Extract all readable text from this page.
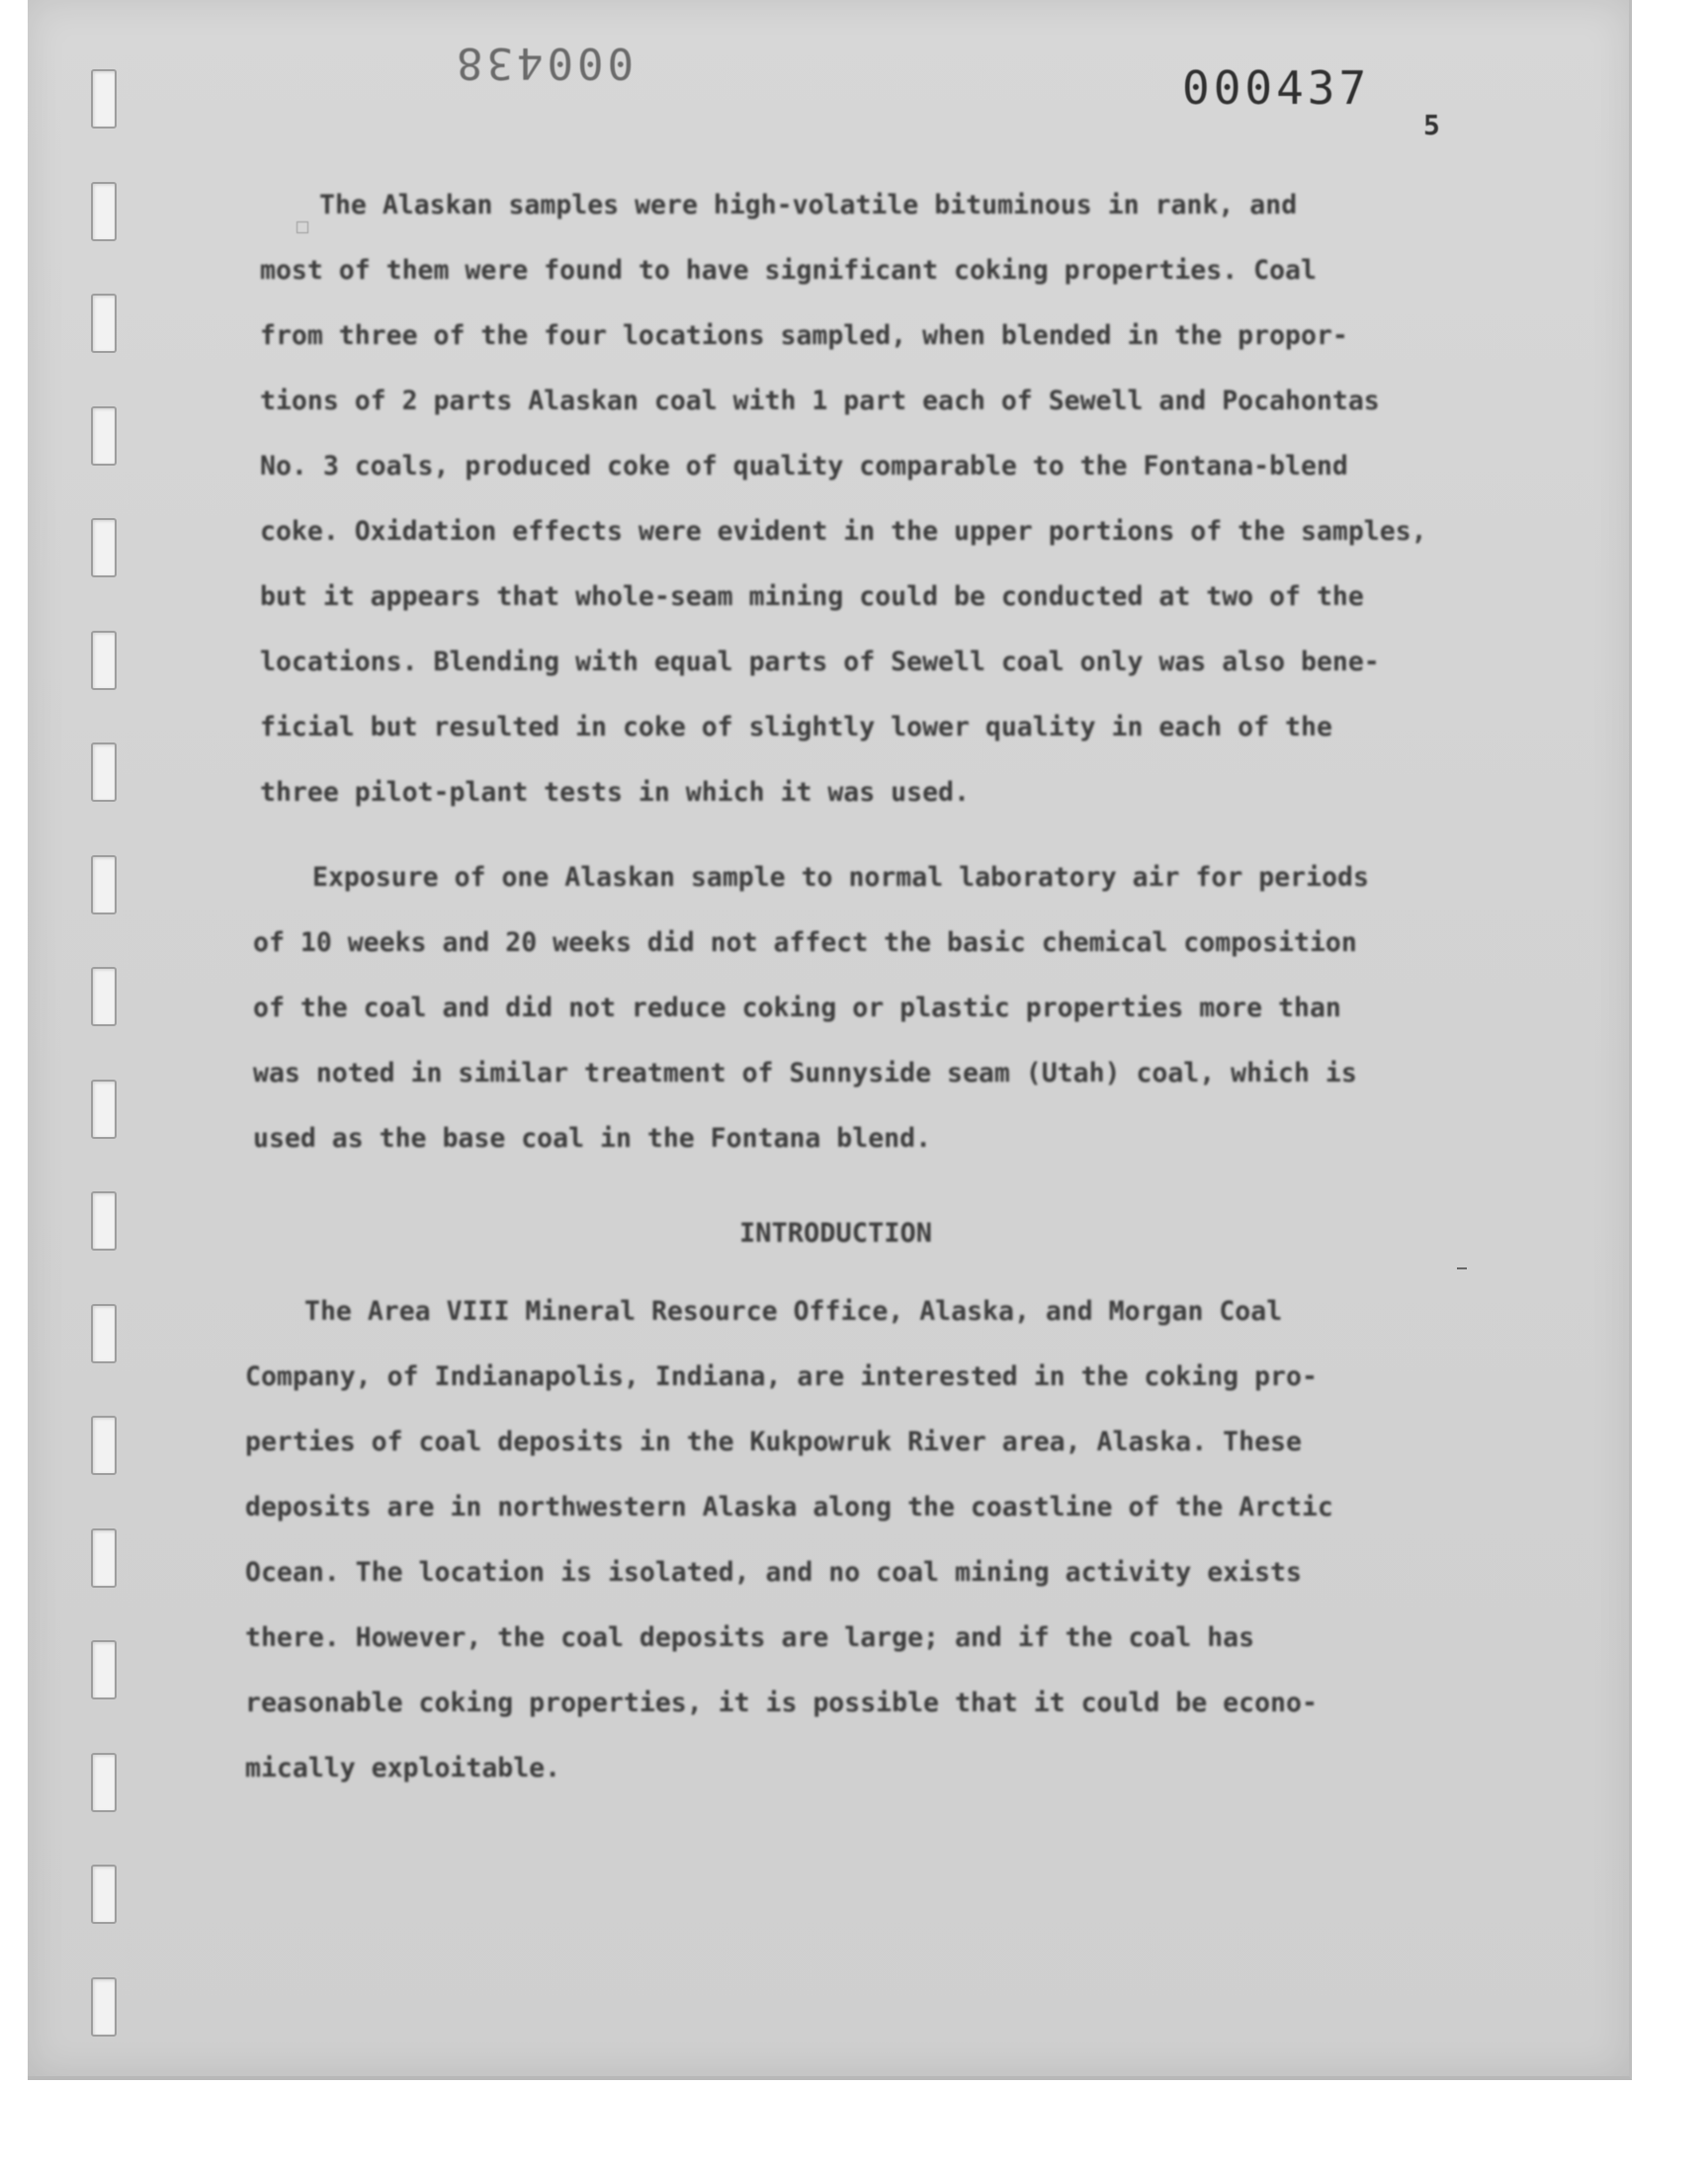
000438	000437
5
The Alaskan samples were high-volatile bituminous in rank, and
most of them were found to have significant coking properties. Coal
from three of the four locations sampled, when blended in the propor-
tions of 2 parts Alaskan coal with 1 part each of Sewell and Pocahontas
No. 3 coals, produced coke of quality comparable to the Fontana-blend
coke. Oxidation effects were evident in the upper portions of the samples,
but it appears that whole-seam mining could be conducted at two of the
locations. Blending with equal parts of Sewell coal only was also bene-
ficial but resulted in coke of slightly lower quality in each of the
three pilot-plant tests in which it was used.
Exposure of one Alaskan sample to normal laboratory air for periods
of 10 weeks and 20 weeks did not affect the basic chemical composition
of the coal and did not reduce coking or plastic properties more than
was noted in similar treatment of Sunnyside seam (Utah) coal, which is
used as the base coal in the Fontana blend.
INTRODUCTION
The Area VIII Mineral Resource Office, Alaska, and Morgan Coal
Company, of Indianapolis, Indiana, are interested in the coking pro-
perties of coal deposits in the Kukpowruk River area, Alaska. These
deposits are in northwestern Alaska along the coastline of the Arctic
Ocean. The location is isolated, and no coal mining activity exists
there. However, the coal deposits are large; and if the coal has
reasonable coking properties, it is possible that it could be econo-
mically exploitable.
